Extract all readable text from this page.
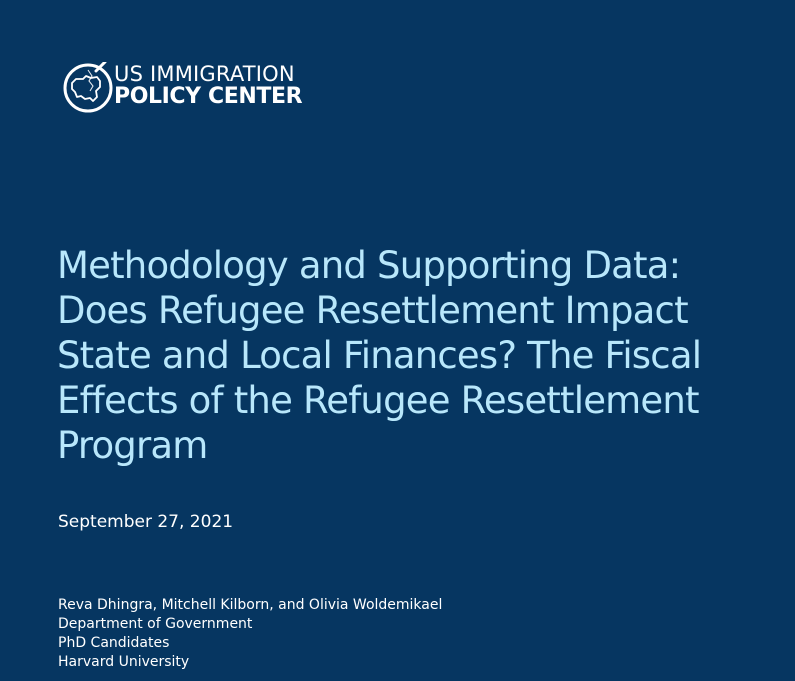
US IMMIGRATION
POLICY CENTER
Methodology and Supporting Data: Does Refugee Resettlement Impact State and Local Finances? The Fiscal Effects of the Refugee Resettlement Program
September 27, 2021
Reva Dhingra, Mitchell Kilborn, and Olivia Woldemikael
Department of Government
PhD Candidates
Harvard University
